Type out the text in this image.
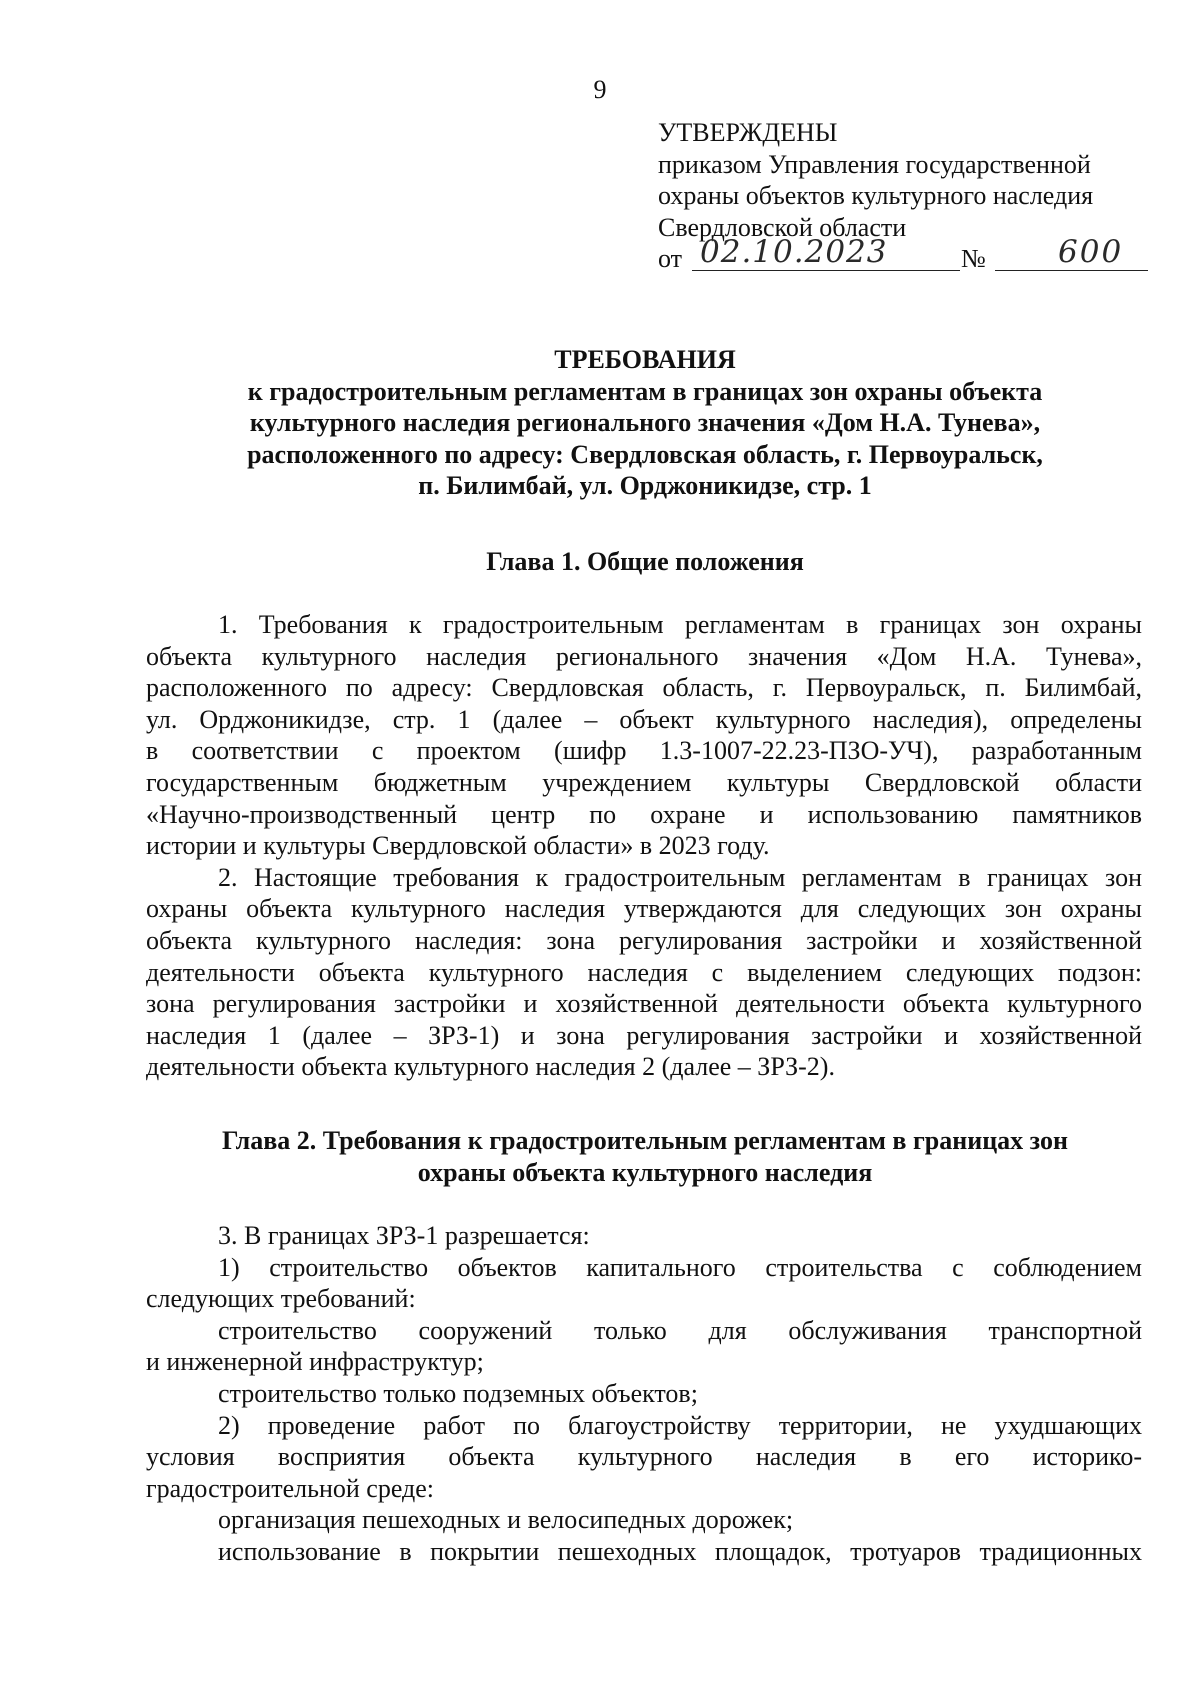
9
УТВЕРЖДЕНЫ
приказом Управления государственной
охраны объектов культурного наследия
Свердловской области
от 02.10.2023	№ 600
ТРЕБОВАНИЯ
к градостроительным регламентам в границах зон охраны объекта
культурного наследия регионального значения «Дом Н.А. Тунева»,
расположенного по адресу: Свердловская область, г. Первоуральск,
п. Билимбай, ул. Орджоникидзе, стр. 1
Глава 1. Общие положения
1. Требования к градостроительным регламентам в границах зон охраны
объекта культурного наследия регионального значения «Дом Н.А. Тунева»,
расположенного по адресу: Свердловская область, г. Первоуральск, п. Билимбай,
ул. Орджоникидзе, стр. 1 (далее – объект культурного наследия), определены
в соответствии с проектом (шифр 1.3-1007-22.23-ПЗО-УЧ), разработанным
государственным бюджетным учреждением культуры Свердловской области
«Научно-производственный центр по охране и использованию памятников
истории и культуры Свердловской области» в 2023 году.
2. Настоящие требования к градостроительным регламентам в границах зон
охраны объекта культурного наследия утверждаются для следующих зон охраны
объекта культурного наследия: зона регулирования застройки и хозяйственной
деятельности объекта культурного наследия с выделением следующих подзон:
зона регулирования застройки и хозяйственной деятельности объекта культурного
наследия 1 (далее – ЗРЗ-1) и зона регулирования застройки и хозяйственной
деятельности объекта культурного наследия 2 (далее – ЗРЗ-2).
Глава 2. Требования к градостроительным регламентам в границах зон
охраны объекта культурного наследия
3. В границах ЗРЗ-1 разрешается:
1) строительство объектов капитального строительства с соблюдением
следующих требований:
строительство сооружений только для обслуживания транспортной
и инженерной инфраструктур;
строительство только подземных объектов;
2) проведение работ по благоустройству территории, не ухудшающих
условия восприятия объекта культурного наследия в его историко-
градостроительной среде:
организация пешеходных и велосипедных дорожек;
использование в покрытии пешеходных площадок, тротуаров традиционных
